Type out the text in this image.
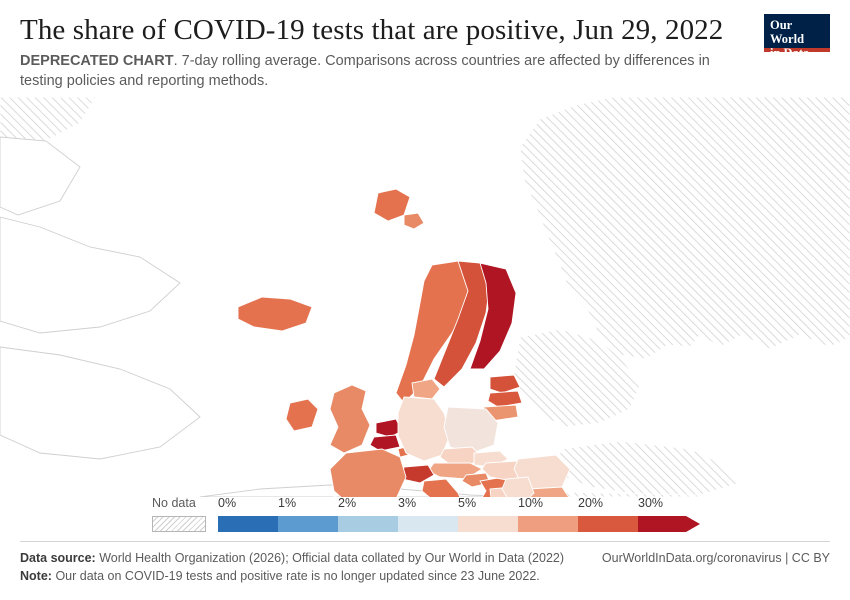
The share of COVID-19 tests that are positive, Jun 29, 2022

DEPRECATED CHART. 7-day rolling average. Comparisons across countries are affected by differences in testing policies and reporting methods.

Our World
in Data
No data 0%	1%	2%	3%	5%	10%	20%	30%
Data source: World Health Organization (2026); Official data collated by Our World in Data (2022)	OurWorldInData.org/coronavirus | CC BY
Note: Our data on COVID-19 tests and positive rate is no longer updated since 23 June 2022.
